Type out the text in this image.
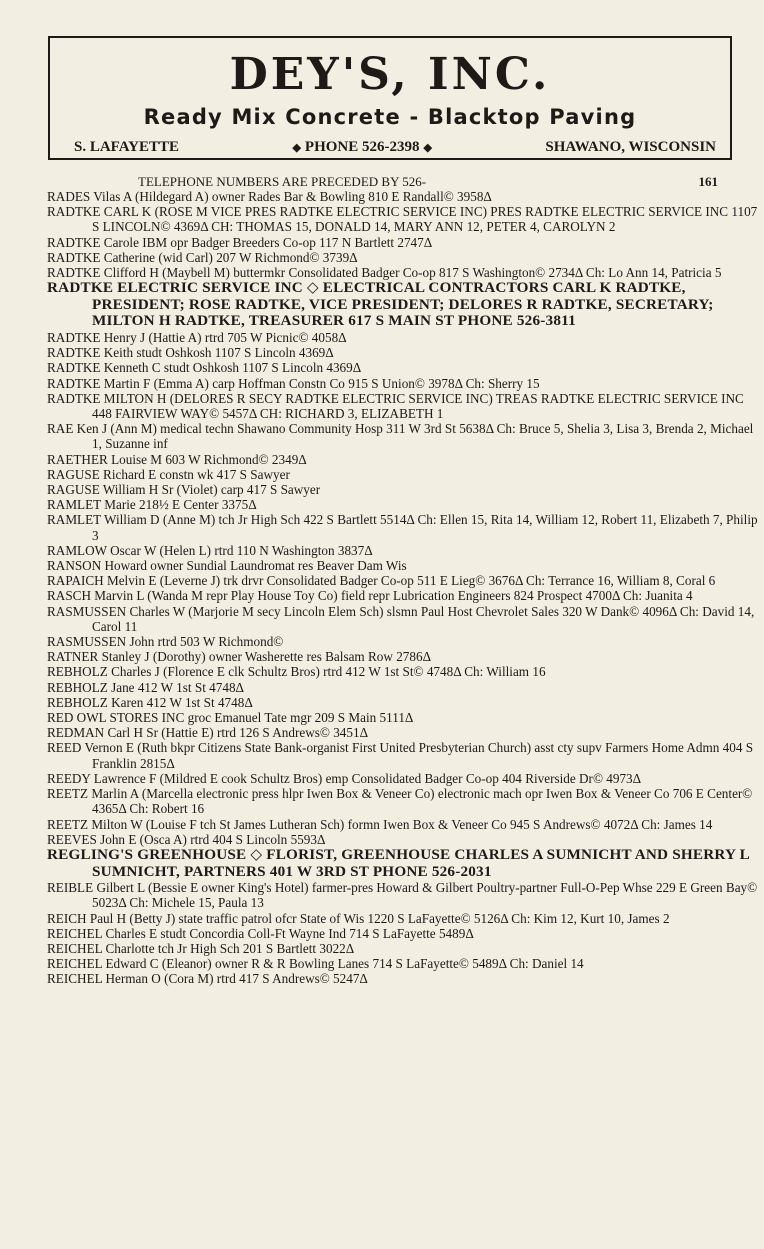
DEY'S, INC.
Ready Mix Concrete - Blacktop Paving
S. LAFAYETTE	◆ PHONE 526-2398 ◆	SHAWANO, WISCONSIN
TELEPHONE NUMBERS ARE PRECEDED BY 526-	161

RADES Vilas A (Hildegard A) owner Rades Bar & Bowling 810 E Randall© 3958Δ

RADTKE CARL K (ROSE M VICE PRES RADTKE ELECTRIC SERVICE INC) PRES RADTKE ELECTRIC SERVICE INC 1107 S LINCOLN© 4369Δ CH: THOMAS 15, DONALD 14, MARY ANN 12, PETER 4, CAROLYN 2

RADTKE Carole IBM opr Badger Breeders Co-op 117 N Bartlett 2747Δ

RADTKE Catherine (wid Carl) 207 W Richmond© 3739Δ

RADTKE Clifford H (Maybell M) buttermkr Consolidated Badger Co-op 817 S Washington© 2734Δ Ch: Lo Ann 14, Patricia 5

RADTKE ELECTRIC SERVICE INC ◇ ELECTRICAL CONTRACTORS CARL K RADTKE, PRESIDENT; ROSE RADTKE, VICE PRESIDENT; DELORES R RADTKE, SECRETARY; MILTON H RADTKE, TREASURER 617 S MAIN ST PHONE 526-3811

RADTKE Henry J (Hattie A) rtrd 705 W Picnic© 4058Δ

RADTKE Keith studt Oshkosh 1107 S Lincoln 4369Δ

RADTKE Kenneth C studt Oshkosh 1107 S Lincoln 4369Δ

RADTKE Martin F (Emma A) carp Hoffman Constn Co 915 S Union© 3978Δ Ch: Sherry 15

RADTKE MILTON H (DELORES R SECY RADTKE ELECTRIC SERVICE INC) TREAS RADTKE ELECTRIC SERVICE INC 448 FAIRVIEW WAY© 5457Δ CH: RICHARD 3, ELIZABETH 1

RAE Ken J (Ann M) medical techn Shawano Community Hosp 311 W 3rd St 5638Δ Ch: Bruce 5, Shelia 3, Lisa 3, Brenda 2, Michael 1, Suzanne inf

RAETHER Louise M 603 W Richmond© 2349Δ

RAGUSE Richard E constn wk 417 S Sawyer

RAGUSE William H Sr (Violet) carp 417 S Sawyer

RAMLET Marie 218½ E Center 3375Δ

RAMLET William D (Anne M) tch Jr High Sch 422 S Bartlett 5514Δ Ch: Ellen 15, Rita 14, William 12, Robert 11, Elizabeth 7, Philip 3

RAMLOW Oscar W (Helen L) rtrd 110 N Washington 3837Δ

RANSON Howard owner Sundial Laundromat res Beaver Dam Wis

RAPAICH Melvin E (Leverne J) trk drvr Consolidated Badger Co-op 511 E Lieg© 3676Δ Ch: Terrance 16, William 8, Coral 6

RASCH Marvin L (Wanda M repr Play House Toy Co) field repr Lubrication Engineers 824 Prospect 4700Δ Ch: Juanita 4

RASMUSSEN Charles W (Marjorie M secy Lincoln Elem Sch) slsmn Paul Host Chevrolet Sales 320 W Dank© 4096Δ Ch: David 14, Carol 11

RASMUSSEN John rtrd 503 W Richmond©

RATNER Stanley J (Dorothy) owner Washerette res Balsam Row 2786Δ

REBHOLZ Charles J (Florence E clk Schultz Bros) rtrd 412 W 1st St© 4748Δ Ch: William 16

REBHOLZ Jane 412 W 1st St 4748Δ

REBHOLZ Karen 412 W 1st St 4748Δ

RED OWL STORES INC groc Emanuel Tate mgr 209 S Main 5111Δ

REDMAN Carl H Sr (Hattie E) rtrd 126 S Andrews© 3451Δ

REED Vernon E (Ruth bkpr Citizens State Bank-organist First United Presbyterian Church) asst cty supv Farmers Home Admn 404 S Franklin 2815Δ

REEDY Lawrence F (Mildred E cook Schultz Bros) emp Consolidated Badger Co-op 404 Riverside Dr© 4973Δ

REETZ Marlin A (Marcella electronic press hlpr Iwen Box & Veneer Co) electronic mach opr Iwen Box & Veneer Co 706 E Center© 4365Δ Ch: Robert 16

REETZ Milton W (Louise F tch St James Lutheran Sch) formn Iwen Box & Veneer Co 945 S Andrews© 4072Δ Ch: James 14

REEVES John E (Osca A) rtrd 404 S Lincoln 5593Δ

REGLING'S GREENHOUSE ◇ FLORIST, GREENHOUSE CHARLES A SUMNICHT AND SHERRY L SUMNICHT, PARTNERS 401 W 3RD ST PHONE 526-2031

REIBLE Gilbert L (Bessie E owner King's Hotel) farmer-pres Howard & Gilbert Poultry-partner Full-O-Pep Whse 229 E Green Bay© 5023Δ Ch: Michele 15, Paula 13

REICH Paul H (Betty J) state traffic patrol ofcr State of Wis 1220 S LaFayette© 5126Δ Ch: Kim 12, Kurt 10, James 2

REICHEL Charles E studt Concordia Coll-Ft Wayne Ind 714 S LaFayette 5489Δ

REICHEL Charlotte tch Jr High Sch 201 S Bartlett 3022Δ

REICHEL Edward C (Eleanor) owner R & R Bowling Lanes 714 S LaFayette© 5489Δ Ch: Daniel 14

REICHEL Herman O (Cora M) rtrd 417 S Andrews© 5247Δ
